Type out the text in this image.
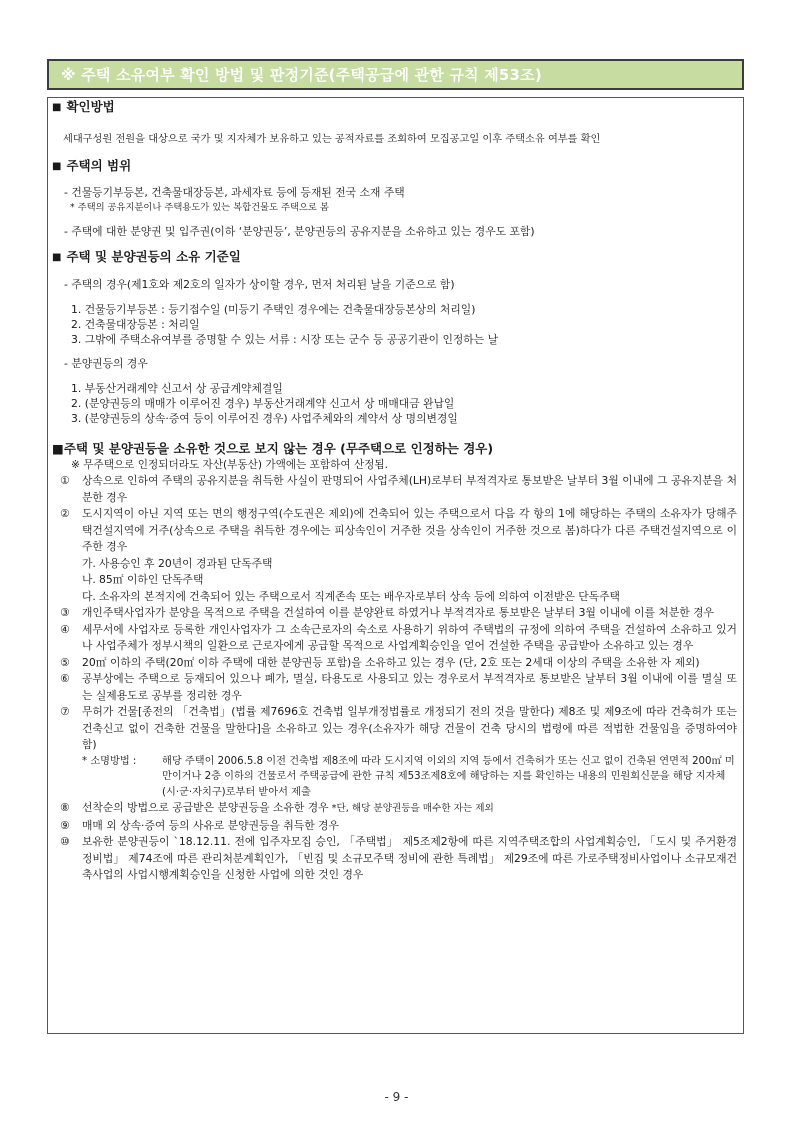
※ 주택 소유여부 확인 방법 및 판정기준(주택공급에 관한 규칙 제53조)
■ 확인방법
세대구성원 전원을 대상으로 국가 및 지자체가 보유하고 있는 공적자료를 조회하여 모집공고일 이후 주택소유 여부를 확인
■ 주택의 범위
- 건물등기부등본, 건축물대장등본, 과세자료 등에 등재된 전국 소재 주택
* 주택의 공유지분이나 주택용도가 있는 복합건물도 주택으로 봄
- 주택에 대한 분양권 및 입주권(이하 ‘분양권등’, 분양권등의 공유지분을 소유하고 있는 경우도 포함)
■ 주택 및 분양권등의 소유 기준일
- 주택의 경우(제1호와 제2호의 일자가 상이할 경우, 먼저 처리된 날을 기준으로 함)
1. 건물등기부등본 : 등기접수일 (미등기 주택인 경우에는 건축물대장등본상의 처리일)
2. 건축물대장등본 : 처리일
3. 그밖에 주택소유여부를 증명할 수 있는 서류 : 시장 또는 군수 등 공공기관이 인정하는 날
- 분양권등의 경우
1. 부동산거래계약 신고서 상 공급계약체결일
2. (분양권등의 매매가 이루어진 경우) 부동산거래계약 신고서 상 매매대금 완납일
3. (분양권등의 상속·증여 등이 이루어진 경우) 사업주체와의 계약서 상 명의변경일
■주택 및 분양권등을 소유한 것으로 보지 않는 경우 (무주택으로 인정하는 경우)
※ 무주택으로 인정되더라도 자산(부동산) 가액에는 포함하여 산정됨.
①	상속으로 인하여 주택의 공유지분을 취득한 사실이 판명되어 사업주체(LH)로부터 부적격자로 통보받은 날부터 3월 이내에 그 공유지분을 처분한 경우
②	도시지역이 아닌 지역 또는 면의 행정구역(수도권은 제외)에 건축되어 있는 주택으로서 다음 각 항의 1에 해당하는 주택의 소유자가 당해주택건설지역에 거주(상속으로 주택을 취득한 경우에는 피상속인이 거주한 것을 상속인이 거주한 것으로 봄)하다가 다른 주택건설지역으로 이주한 경우
가. 사용승인 후 20년이 경과된 단독주택
나. 85㎡ 이하인 단독주택
다. 소유자의 본적지에 건축되어 있는 주택으로서 직계존속 또는 배우자로부터 상속 등에 의하여 이전받은 단독주택
③	개인주택사업자가 분양을 목적으로 주택을 건설하여 이를 분양완료 하였거나 부적격자로 통보받은 날부터 3월 이내에 이를 처분한 경우
④	세무서에 사업자로 등록한 개인사업자가 그 소속근로자의 숙소로 사용하기 위하여 주택법의 규정에 의하여 주택을 건설하여 소유하고 있거나 사업주체가 정부시책의 일환으로 근로자에게 공급할 목적으로 사업계획승인을 얻어 건설한 주택을 공급받아 소유하고 있는 경우
⑤	20㎡ 이하의 주택(20㎡ 이하 주택에 대한 분양권등 포함)을 소유하고 있는 경우 (단, 2호 또는 2세대 이상의 주택을 소유한 자 제외)
⑥	공부상에는 주택으로 등재되어 있으나 폐가, 멸실, 타용도로 사용되고 있는 경우로서 부적격자로 통보받은 날부터 3월 이내에 이를 멸실 또는 실제용도로 공부를 정리한 경우
⑦	무허가 건물[종전의 「건축법」(법률 제7696호 건축법 일부개정법률로 개정되기 전의 것을 말한다) 제8조 및 제9조에 따라 건축허가 또는 건축신고 없이 건축한 건물을 말한다]을 소유하고 있는 경우(소유자가 해당 건물이 건축 당시의 법령에 따른 적법한 건물임을 증명하여야 함)
* 소명방법 :	해당 주택이 2006.5.8 이전 건축법 제8조에 따라 도시지역 이외의 지역 등에서 건축허가 또는 신고 없이 건축된 연면적 200㎡ 미만이거나 2층 이하의 건물로서 주택공급에 관한 규칙 제53조제8호에 해당하는 지를 확인하는 내용의 민원회신문을 해당 지자체(시·군·자치구)로부터 받아서 제출
⑧	선착순의 방법으로 공급받은 분양권등을 소유한 경우 *단, 해당 분양권등을 매수한 자는 제외
⑨	매매 외 상속·증여 등의 사유로 분양권등을 취득한 경우
⑩	보유한 분양권등이 `18.12.11. 전에 입주자모집 승인, 「주택법」 제5조제2항에 따른 지역주택조합의 사업계획승인, 「도시 및 주거환경정비법」 제74조에 따른 관리처분계획인가, 「빈집 및 소규모주택 정비에 관한 특례법」 제29조에 따른 가로주택정비사업이나 소규모재건축사업의 사업시행계획승인을 신청한 사업에 의한 것인 경우
- 9 -
